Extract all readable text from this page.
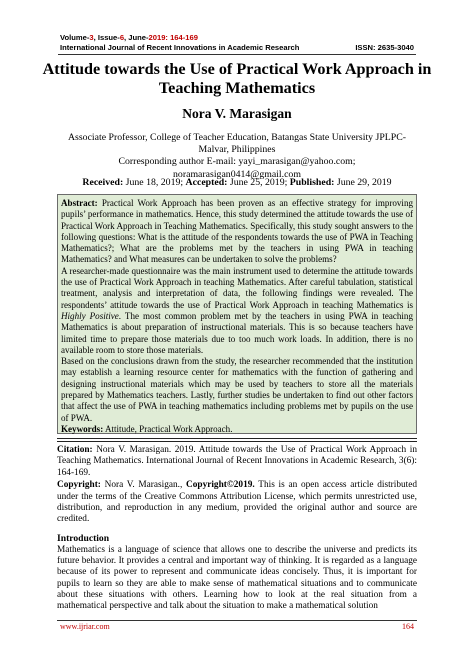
Volume-3, Issue-6, June-2019: 164-169
International Journal of Recent Innovations in Academic Research	ISSN: 2635-3040
Attitude towards the Use of Practical Work Approach in Teaching Mathematics
Nora V. Marasigan
Associate Professor, College of Teacher Education, Batangas State University JPLPC-
Malvar, Philippines
Corresponding author E-mail: yayi_marasigan@yahoo.com; noramarasigan0414@gmail.com
Received: June 18, 2019; Accepted: June 25, 2019; Published: June 29, 2019

Abstract: Practical Work Approach has been proven as an effective strategy for improving pupils’ performance in mathematics. Hence, this study determined the attitude towards the use of Practical Work Approach in Teaching Mathematics. Specifically, this study sought answers to the following questions: What is the attitude of the respondents towards the use of PWA in Teaching Mathematics?; What are the problems met by the teachers in using PWA in teaching Mathematics? and What measures can be undertaken to solve the problems?

A researcher-made questionnaire was the main instrument used to determine the attitude towards the use of Practical Work Approach in teaching Mathematics. After careful tabulation, statistical treatment, analysis and interpretation of data, the following findings were revealed. The respondents’ attitude towards the use of Practical Work Approach in teaching Mathematics is Highly Positive. The most common problem met by the teachers in using PWA in teaching Mathematics is about preparation of instructional materials. This is so because teachers have limited time to prepare those materials due to too much work loads. In addition, there is no available room to store those materials.

Based on the conclusions drawn from the study, the researcher recommended that the institution may establish a learning resource center for mathematics with the function of gathering and designing instructional materials which may be used by teachers to store all the materials prepared by Mathematics teachers. Lastly, further studies be undertaken to find out other factors that affect the use of PWA in teaching mathematics including problems met by pupils on the use of PWA.

Keywords: Attitude, Practical Work Approach.

Citation: Nora V. Marasigan. 2019. Attitude towards the Use of Practical Work Approach in Teaching Mathematics. International Journal of Recent Innovations in Academic Research, 3(6): 164-169.

Copyright: Nora V. Marasigan., Copyright©2019. This is an open access article distributed under the terms of the Creative Commons Attribution License, which permits unrestricted use, distribution, and reproduction in any medium, provided the original author and source are credited.

Introduction
Mathematics is a language of science that allows one to describe the universe and predicts its future behavior. It provides a central and important way of thinking. It is regarded as a language because of its power to represent and communicate ideas concisely. Thus, it is important for pupils to learn so they are able to make sense of mathematical situations and to communicate about these situations with others. Learning how to look at the real situation from a mathematical perspective and talk about the situation to make a mathematical solution
www.ijriar.com	164
